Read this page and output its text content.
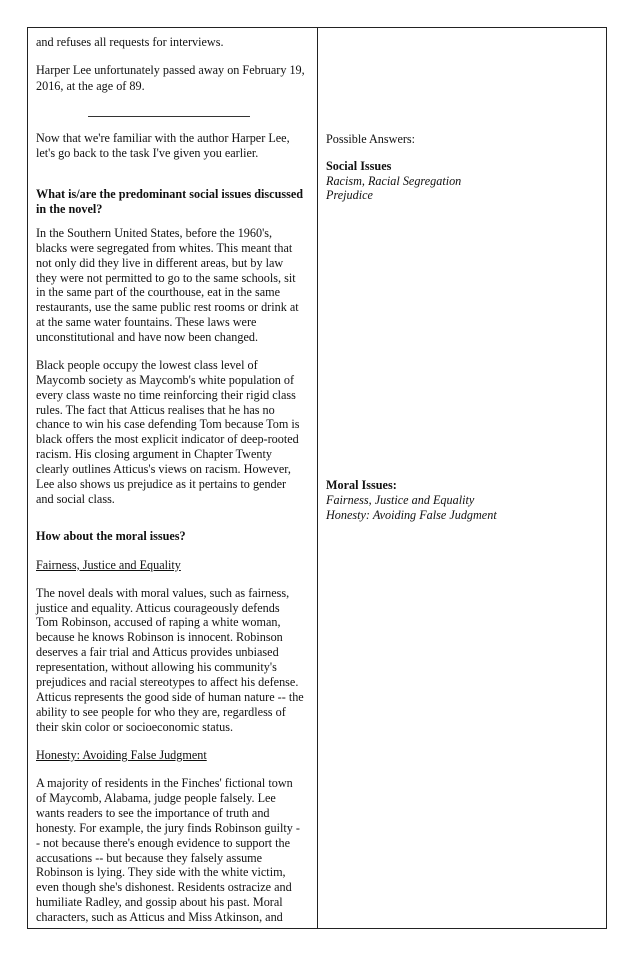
and refuses all requests for interviews.

Harper Lee unfortunately passed away on February 19,

2016, at the age of 89.

Now that we're familiar with the author Harper Lee,

let's go back to the task I've given you earlier.

What is/are the predominant social issues discussed

in the novel?

In the Southern United States, before the 1960's,

blacks were segregated from whites. This meant that

not only did they live in different areas, but by law

they were not permitted to go to the same schools, sit

in the same part of the courthouse, eat in the same

restaurants, use the same public rest rooms or drink at

at the same water fountains. These laws were

unconstitutional and have now been changed.

Black people occupy the lowest class level of

Maycomb society as Maycomb's white population of

every class waste no time reinforcing their rigid class

rules. The fact that Atticus realises that he has no

chance to win his case defending Tom because Tom is

black offers the most explicit indicator of deep-rooted

racism. His closing argument in Chapter Twenty

clearly outlines Atticus's views on racism. However,

Lee also shows us prejudice as it pertains to gender

and social class.

How about the moral issues?

Fairness, Justice and Equality

The novel deals with moral values, such as fairness,

justice and equality. Atticus courageously defends

Tom Robinson, accused of raping a white woman,

because he knows Robinson is innocent. Robinson

deserves a fair trial and Atticus provides unbiased

representation, without allowing his community's

prejudices and racial stereotypes to affect his defense.

Atticus represents the good side of human nature -- the

ability to see people for who they are, regardless of

their skin color or socioeconomic status.

Honesty: Avoiding False Judgment

A majority of residents in the Finches' fictional town

of Maycomb, Alabama, judge people falsely. Lee

wants readers to see the importance of truth and

honesty. For example, the jury finds Robinson guilty -

- not because there's enough evidence to support the

accusations -- but because they falsely assume

Robinson is lying. They side with the white victim,

even though she's dishonest. Residents ostracize and

humiliate Radley, and gossip about his past. Moral

characters, such as Atticus and Miss Atkinson, and

Possible Answers:

Social Issues

Racism, Racial Segregation

Prejudice

Moral Issues:

Fairness, Justice and Equality

Honesty: Avoiding False Judgment
